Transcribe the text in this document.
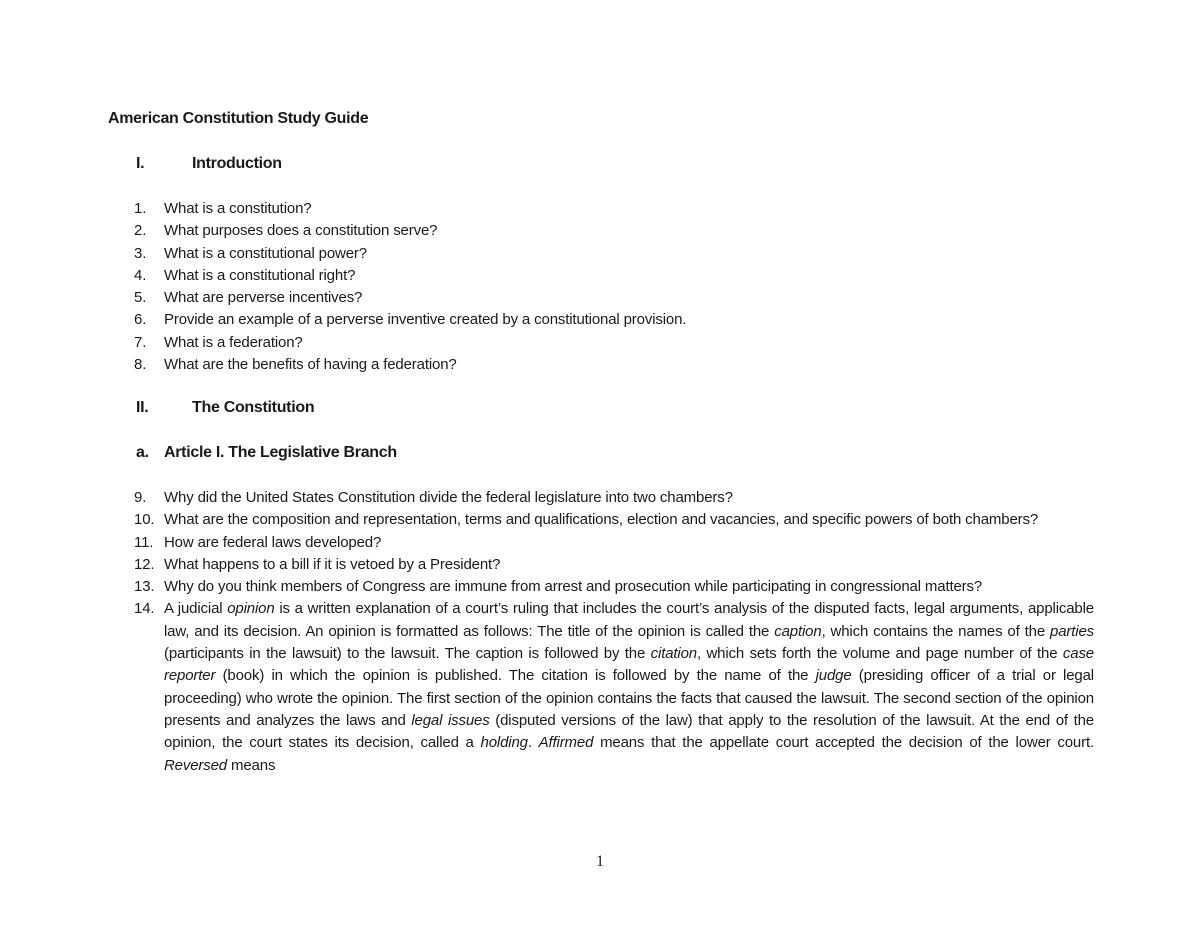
American Constitution Study Guide
I.	Introduction
1.	What is a constitution?
2.	What purposes does a constitution serve?
3.	What is a constitutional power?
4.	What is a constitutional right?
5.	What are perverse incentives?
6.	Provide an example of a perverse inventive created by a constitutional provision.
7.	What is a federation?
8.	What are the benefits of having a federation?
II.	The Constitution
a. Article I. The Legislative Branch
9.	Why did the United States Constitution divide the federal legislature into two chambers?
10. What are the composition and representation, terms and qualifications, election and vacancies, and specific powers of both chambers?
11. How are federal laws developed?
12. What happens to a bill if it is vetoed by a President?
13. Why do you think members of Congress are immune from arrest and prosecution while participating in congressional matters?
14. A judicial opinion is a written explanation of a court’s ruling that includes the court’s analysis of the disputed facts, legal arguments, applicable law, and its decision. An opinion is formatted as follows: The title of the opinion is called the caption, which contains the names of the parties (participants in the lawsuit) to the lawsuit. The caption is followed by the citation, which sets forth the volume and page number of the case reporter (book) in which the opinion is published. The citation is followed by the name of the judge (presiding officer of a trial or legal proceeding) who wrote the opinion. The first section of the opinion contains the facts that caused the lawsuit. The second section of the opinion presents and analyzes the laws and legal issues (disputed versions of the law) that apply to the resolution of the lawsuit. At the end of the opinion, the court states its decision, called a holding. Affirmed means that the appellate court accepted the decision of the lower court. Reversed means
1
